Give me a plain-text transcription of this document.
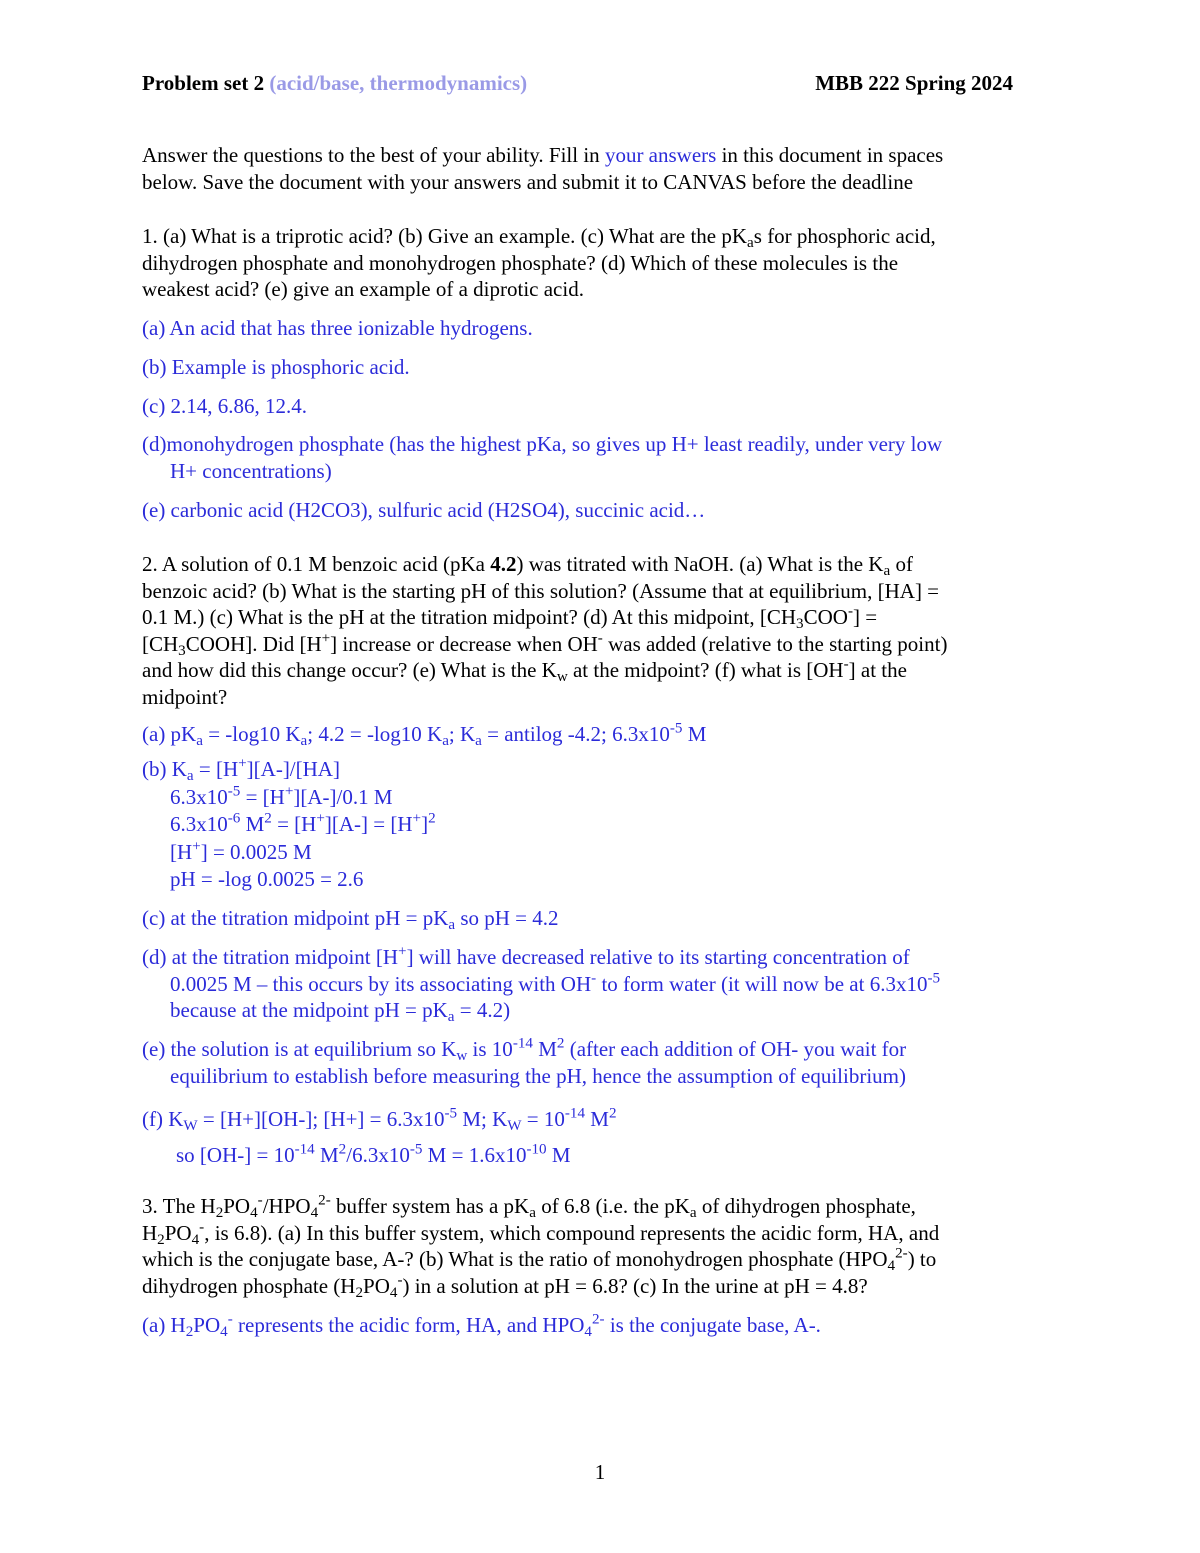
Problem set 2 (acid/base, thermodynamics)	MBB 222 Spring 2024
Answer the questions to the best of your ability. Fill in your answers in this document in spaces
below. Save the document with your answers and submit it to CANVAS before the deadline
1. (a) What is a triprotic acid? (b) Give an example. (c) What are the $pK_as$ for phosphoric acid,
dihydrogen phosphate and monohydrogen phosphate? (d) Which of these molecules is the
weakest acid? (e) give an example of a diprotic acid.
(a) An acid that has three ionizable hydrogens.
(b) Example is phosphoric acid.
(c) 2.14, 6.86, 12.4.
(d)monohydrogen phosphate (has the highest pKa, so gives up H+ least readily, under very low
H+ concentrations)
(e) carbonic acid (H2CO3), sulfuric acid (H2SO4), succinic acid…
2. A solution of 0.1 M benzoic acid (pKa 4.2) was titrated with NaOH. (a) What is the $K_a$ of
benzoic acid? (b) What is the starting pH of this solution? (Assume that at equilibrium, [HA] =
0.1 M.) (c) What is the pH at the titration midpoint? (d) At this midpoint, $[CH_3COO^-]$ =
$[CH_3COOH]$. Did [H+] increase or decrease when OH- was added (relative to the starting point)
and how did this change occur? (e) What is the $K_w$ at the midpoint? (f) what is [OH-] at the
midpoint?
(a) $pK_a = -\log 10$ $K_a$; 4.2 = -log10 $K_a$; $K_a$ = antilog -4.2; $6.3x10^{-5}$ M
(b) $K_a = [H^+][A-]/[HA]$
$6.3x10^{-5} = [H^+][A-]/0.1$ M
$6.3x10^{-6}$ $M^2 = [H^+][A-] = [H^+]^2$
[H+] = 0.0025 M
pH = -log 0.0025 = 2.6
(c) at the titration midpoint pH = $pK_a$ so pH = 4.2
(d) at the titration midpoint [H+] will have decreased relative to its starting concentration of
0.0025 M – this occurs by its associating with OH- to form water (it will now be at $6.3x10^{-5}$
because at the midpoint pH = $pK_a = 4.2$)
(e) the solution is at equilibrium so $K_w$ is $10^{-14}$ $M^2$ (after each addition of OH- you wait for
equilibrium to establish before measuring the pH, hence the assumption of equilibrium)
(f) $K_W = [H+][OH-]$; $[H+] = 6.3x10^{-5}$ M; $K_W = 10^{-14}$ $M^2$
so $[OH-] = 10^{-14}$ $M^2/6.3x10^{-5}$ $M = 1.6x10^{-10}$ M
3. The $H_2PO_4^-/HPO_4^{2-}$ buffer system has a $pK_a$ of 6.8 (i.e. the $pK_a$ of dihydrogen phosphate,
$H_2PO_4^-$, is 6.8). (a) In this buffer system, which compound represents the acidic form, HA, and
which is the conjugate base, A-? (b) What is the ratio of monohydrogen phosphate $(HPO_4^{2-})$ to
dihydrogen phosphate $(H_2PO_4^-)$ in a solution at pH = 6.8? (c) In the urine at pH = 4.8?
(a) $H_2PO_4^-$ represents the acidic form, HA, and $HPO_4^{2-}$ is the conjugate base, A-.
1
